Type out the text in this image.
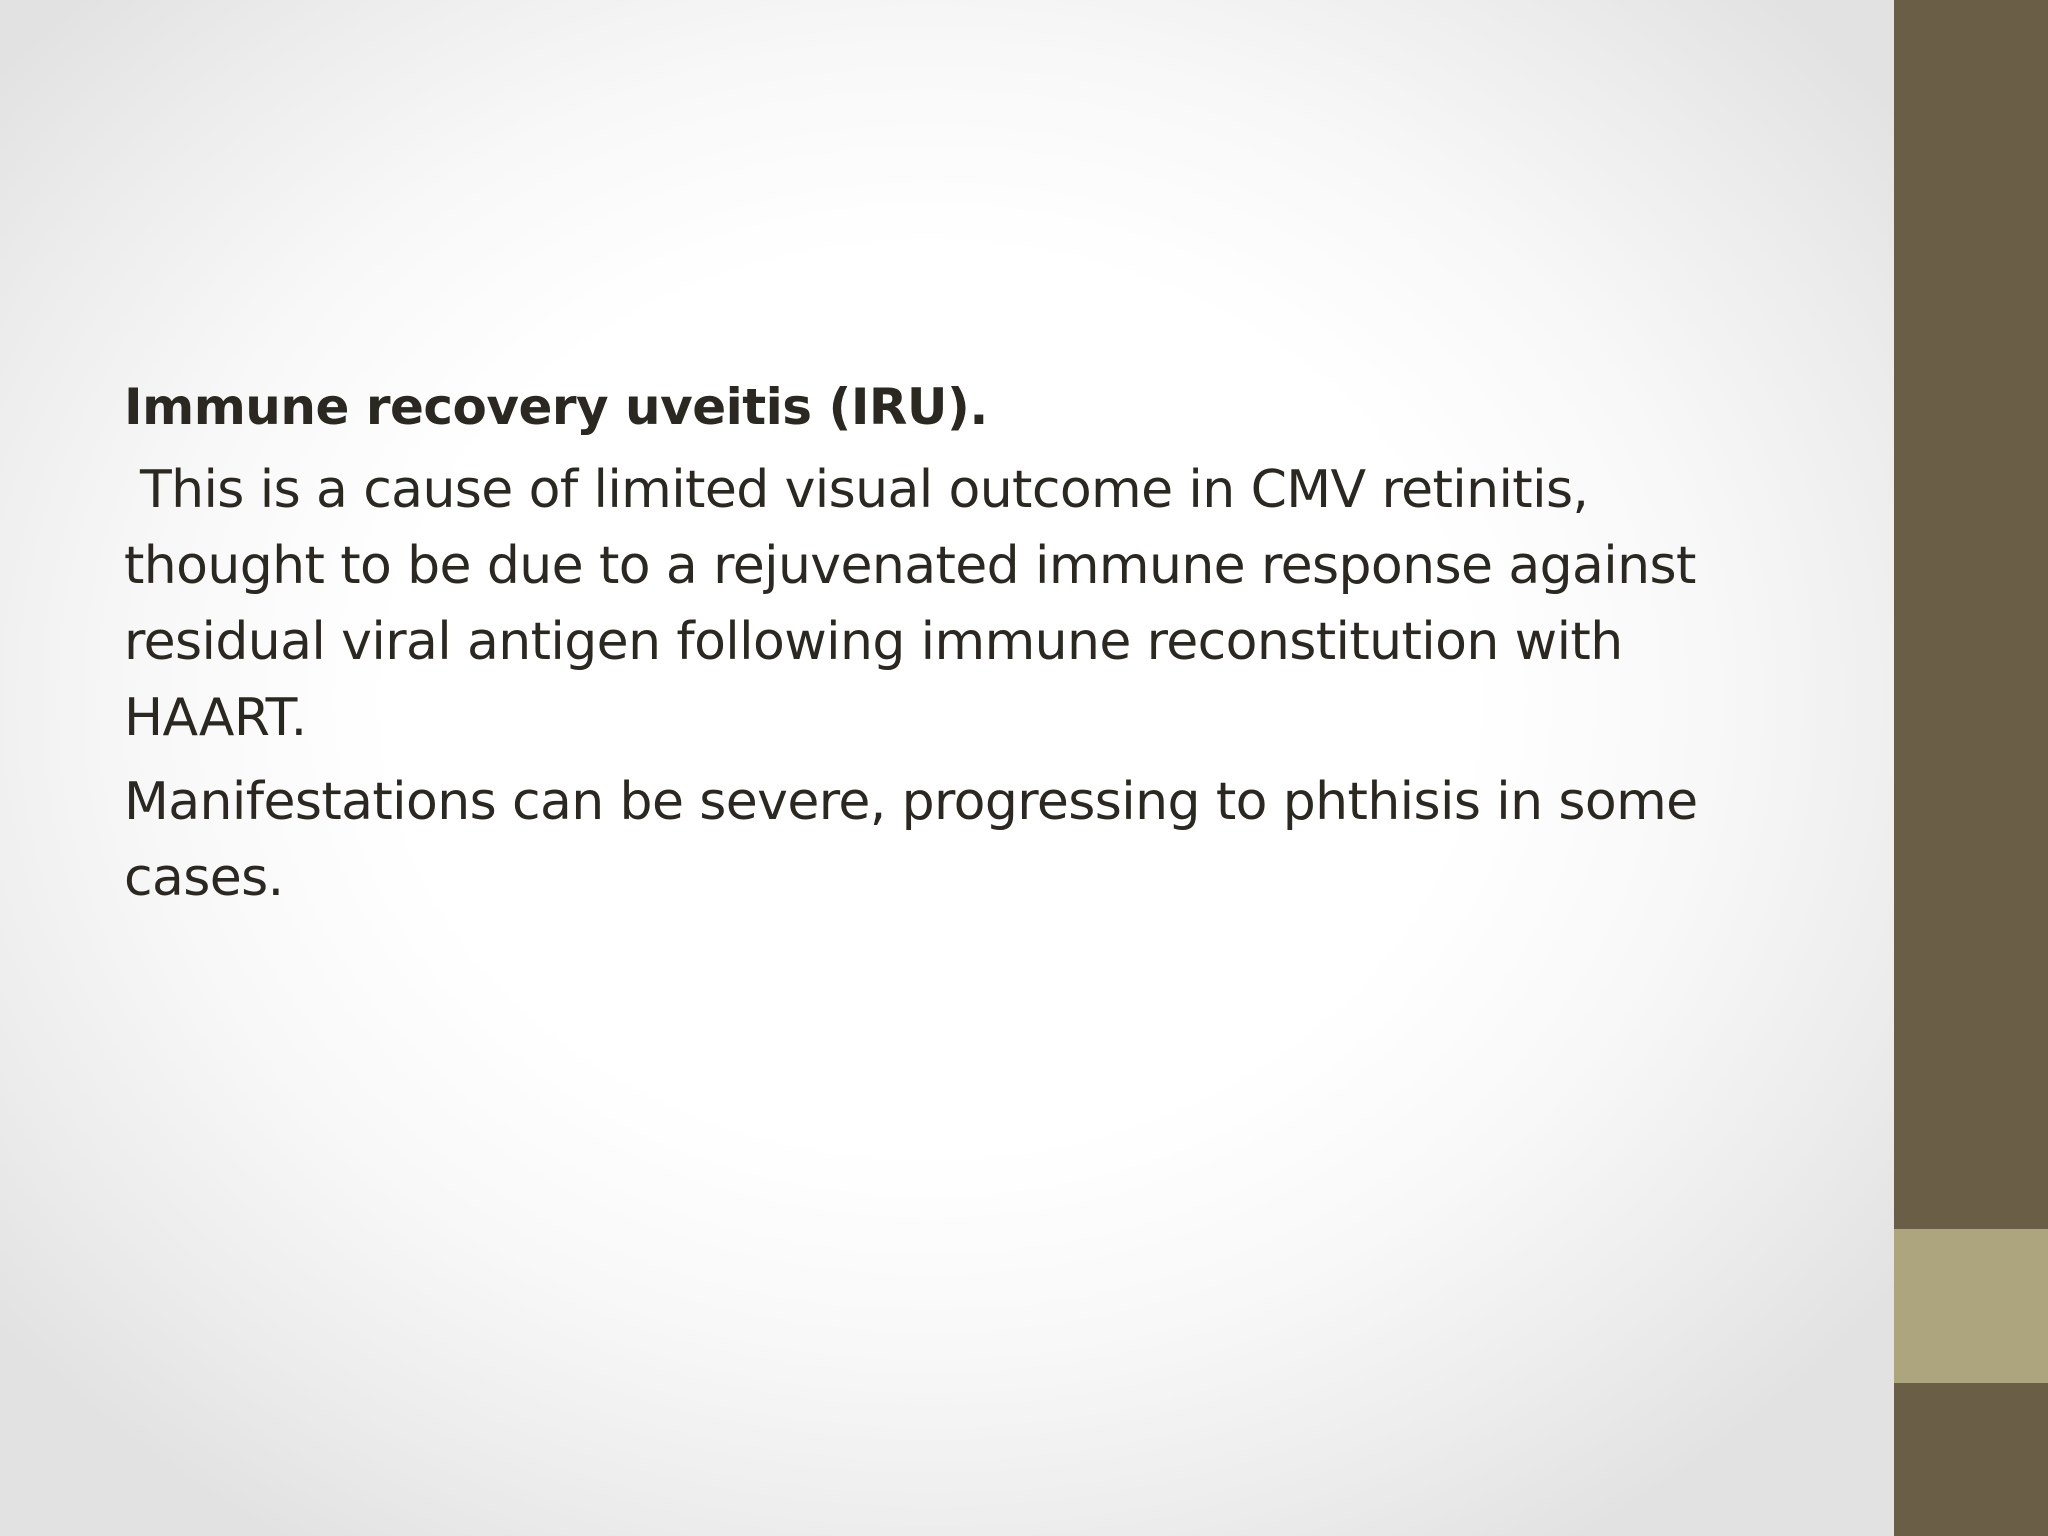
Immune recovery uveitis (IRU).

This is a cause of limited visual outcome in CMV retinitis, thought to be due to a rejuvenated immune response against residual viral antigen following immune reconstitution with HAART.

Manifestations can be severe, progressing to phthisis in some cases.
